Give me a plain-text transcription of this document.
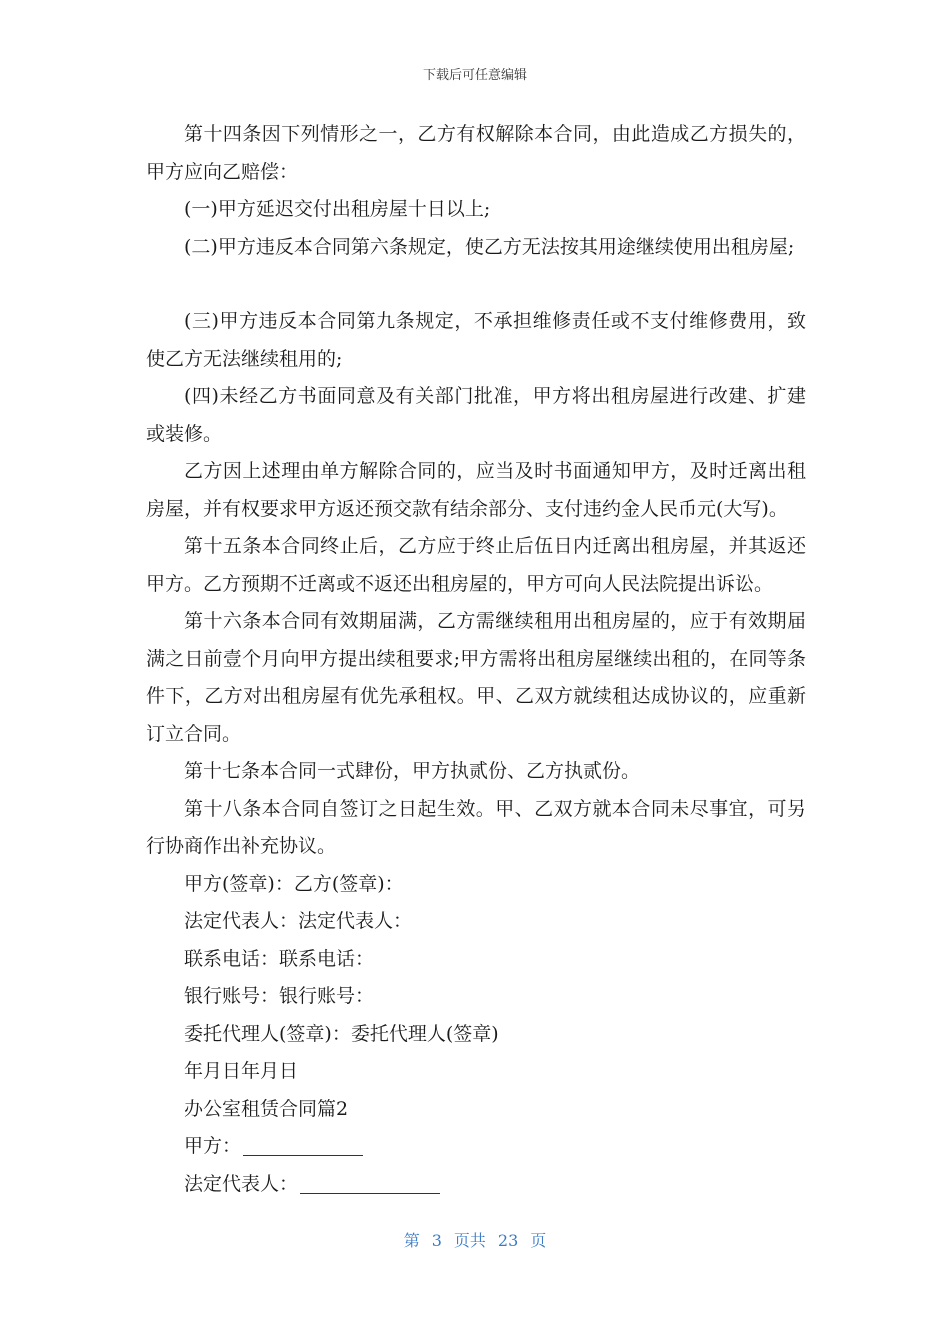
下载后可任意编辑

第十四条因下列情形之一，乙方有权解除本合同，由此造成乙方损失的，甲方应向乙赔偿：

(一)甲方延迟交付出租房屋十日以上;

(二)甲方违反本合同第六条规定，使乙方无法按其用途继续使用出租房屋;

(三)甲方违反本合同第九条规定，不承担维修责任或不支付维修费用，致使乙方无法继续租用的;

(四)未经乙方书面同意及有关部门批准，甲方将出租房屋进行改建、扩建或装修。

乙方因上述理由单方解除合同的，应当及时书面通知甲方，及时迁离出租房屋，并有权要求甲方返还预交款有结余部分、支付违约金人民币元(大写)。

第十五条本合同终止后，乙方应于终止后伍日内迁离出租房屋，并其返还甲方。乙方预期不迁离或不返还出租房屋的，甲方可向人民法院提出诉讼。

第十六条本合同有效期届满，乙方需继续租用出租房屋的，应于有效期届满之日前壹个月向甲方提出续租要求;甲方需将出租房屋继续出租的，在同等条件下，乙方对出租房屋有优先承租权。甲、乙双方就续租达成协议的，应重新订立合同。

第十七条本合同一式肆份，甲方执贰份、乙方执贰份。

第十八条本合同自签订之日起生效。甲、乙双方就本合同未尽事宜，可另行协商作出补充协议。

甲方(签章)：乙方(签章)：

法定代表人：法定代表人：

联系电话：联系电话：

银行账号：银行账号：

委托代理人(签章)：委托代理人(签章)

年月日年月日

办公室租赁合同篇2

甲方：

法定代表人：

第 3 页共 23 页
